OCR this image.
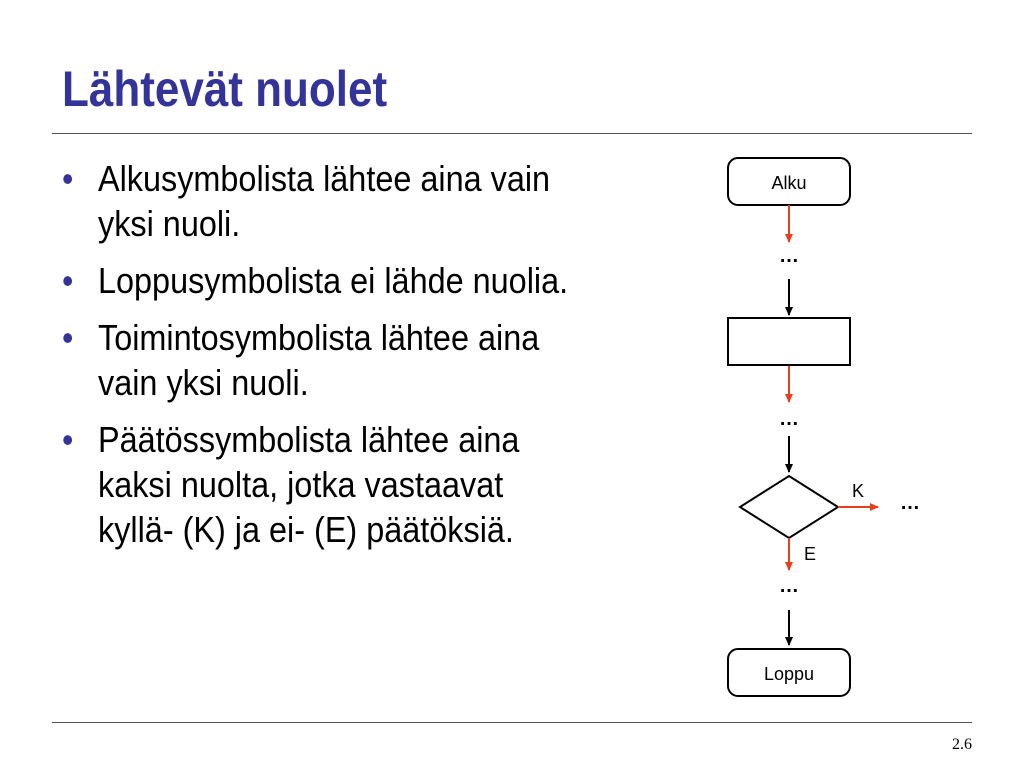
Lähtevät nuolet
• Alkusymbolista lähtee aina vain
yksi nuoli.
• Loppusymbolista ei lähde nuolia.
• Toimintosymbolista lähtee aina
vain yksi nuoli.
• Päätössymbolista lähtee aina
kaksi nuolta, jotka vastaavat
kyllä- (K) ja ei- (E) päätöksiä.
Alku
…
…
K
…
E
…
Loppu
2.6
